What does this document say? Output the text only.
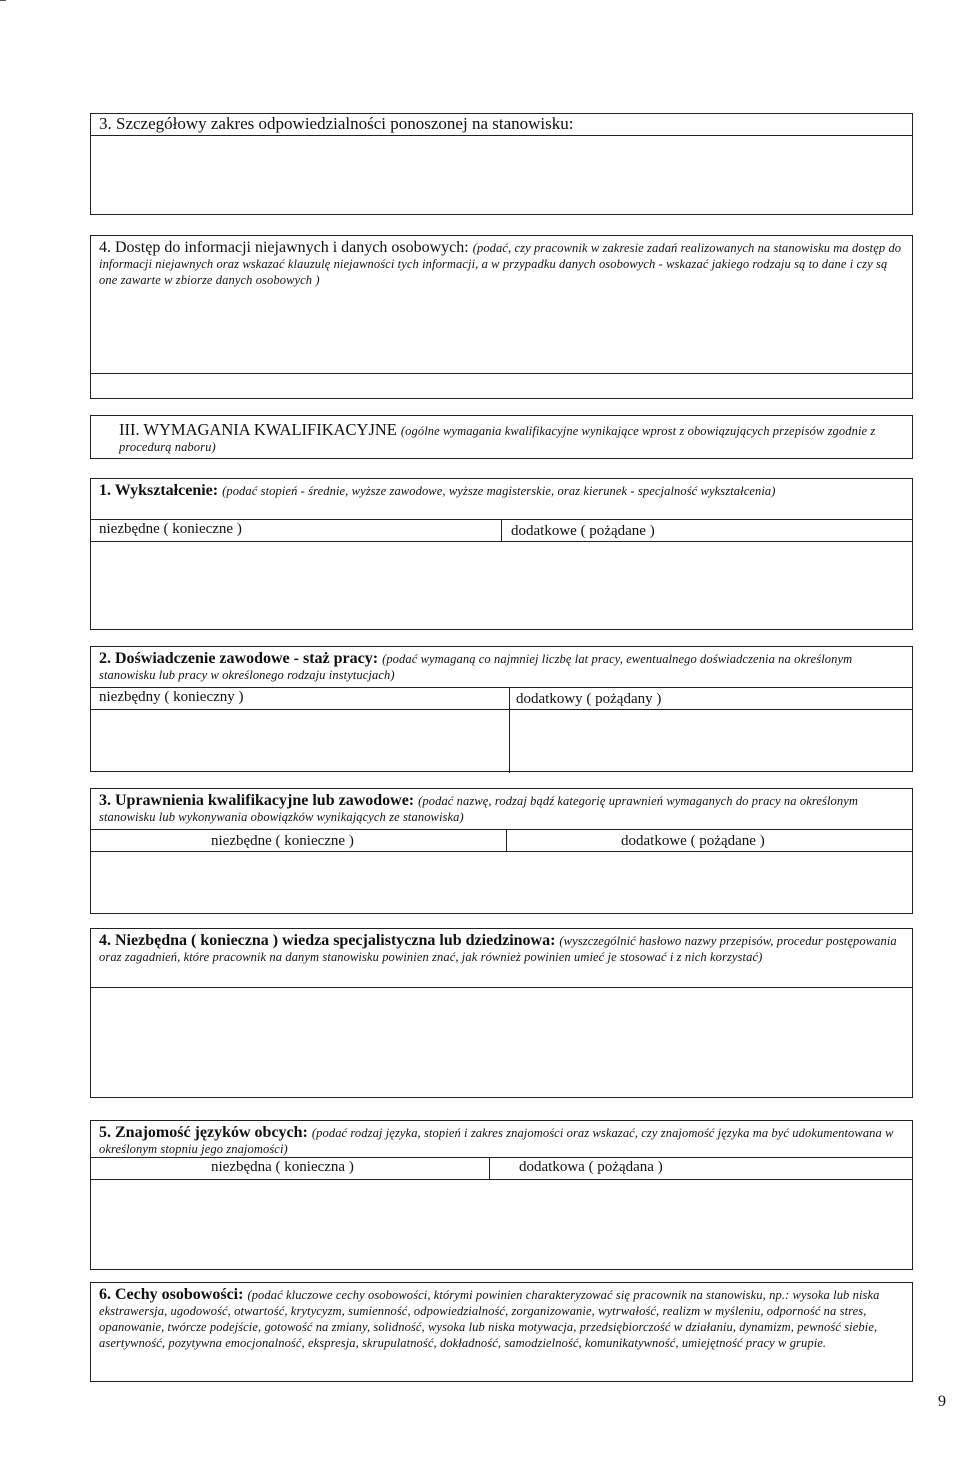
3. Szczegółowy zakres odpowiedzialności ponoszonej na stanowisku:
4. Dostęp do informacji niejawnych i danych osobowych: (podać, czy pracownik w zakresie zadań realizowanych na stanowisku ma dostęp do informacji niejawnych oraz wskazać klauzulę niejawności tych informacji, a w przypadku danych osobowych - wskazać jakiego rodzaju są to dane i czy są one zawarte w zbiorze danych osobowych )
III. WYMAGANIA KWALIFIKACYJNE (ogólne wymagania kwalifikacyjne wynikające wprost z obowiązujących przepisów zgodnie z procedurą naboru)
1. Wykształcenie: (podać stopień - średnie, wyższe zawodowe, wyższe magisterskie, oraz kierunek - specjalność wykształcenia)
niezbędne ( konieczne )	dodatkowe ( pożądane )
2. Doświadczenie zawodowe - staż pracy: (podać wymaganą co najmniej liczbę lat pracy, ewentualnego doświadczenia na określonym stanowisku lub pracy w określonego rodzaju instytucjach)
niezbędny ( konieczny )	dodatkowy ( pożądany )
3. Uprawnienia kwalifikacyjne lub zawodowe: (podać nazwę, rodzaj bądź kategorię uprawnień wymaganych do pracy na określonym stanowisku lub wykonywania obowiązków wynikających ze stanowiska)
niezbędne ( konieczne )	dodatkowe ( pożądane )
4. Niezbędna ( konieczna ) wiedza specjalistyczna lub dziedzinowa: (wyszczególnić hasłowo nazwy przepisów, procedur postępowania oraz zagadnień, które pracownik na danym stanowisku powinien znać, jak również powinien umieć je stosować i z nich korzystać)
5. Znajomość języków obcych: (podać rodzaj języka, stopień i zakres znajomości oraz wskazać, czy znajomość języka ma być udokumentowana w określonym stopniu jego znajomości)
niezbędna ( konieczna )	dodatkowa ( pożądana )
6. Cechy osobowości: (podać kluczowe cechy osobowości, którymi powinien charakteryzować się pracownik na stanowisku, np.: wysoka lub niska ekstrawersja, ugodowość, otwartość, krytycyzm, sumienność, odpowiedzialność, zorganizowanie, wytrwałość, realizm w myśleniu, odporność na stres, opanowanie, twórcze podejście, gotowość na zmiany, solidność, wysoka lub niska motywacja, przedsiębiorczość w działaniu, dynamizm, pewność siebie, asertywność, pozytywna emocjonalność, ekspresja, skrupulatność, dokładność, samodzielność, komunikatywność, umiejętność pracy w grupie.
9
